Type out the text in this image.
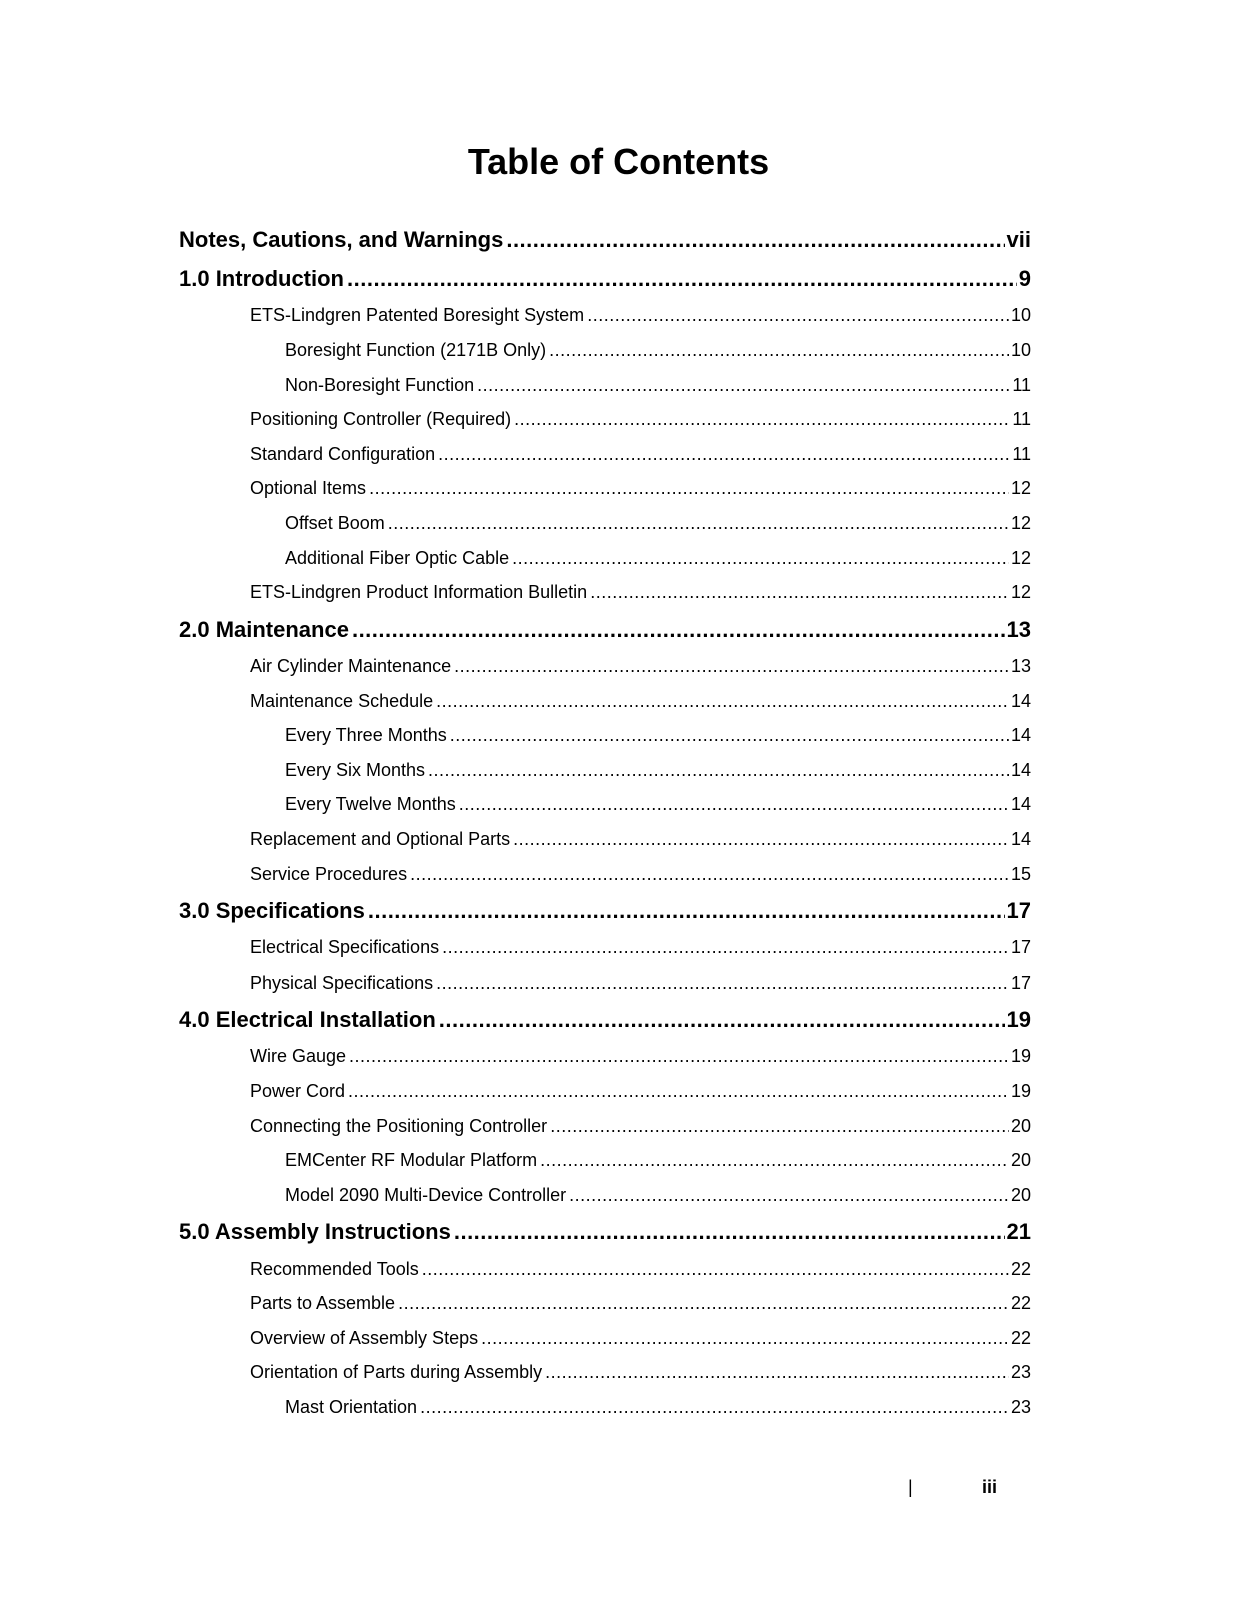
Table of Contents
Notes, Cautions, and Warnings .....	vii
1.0 Introduction .....	9
ETS-Lindgren Patented Boresight System .....	10
Boresight Function (2171B Only) .....	10
Non-Boresight Function .....	11
Positioning Controller (Required) .....	11
Standard Configuration .....	11
Optional Items .....	12
Offset Boom .....	12
Additional Fiber Optic Cable .....	12
ETS-Lindgren Product Information Bulletin .....	12
2.0 Maintenance .....	13
Air Cylinder Maintenance .....	13
Maintenance Schedule .....	14
Every Three Months .....	14
Every Six Months .....	14
Every Twelve Months .....	14
Replacement and Optional Parts .....	14
Service Procedures .....	15
3.0 Specifications .....	17
Electrical Specifications .....	17
Physical Specifications .....	17
4.0 Electrical Installation .....	19
Wire Gauge .....	19
Power Cord .....	19
Connecting the Positioning Controller .....	20
EMCenter RF Modular Platform .....	20
Model 2090 Multi-Device Controller .....	20
5.0 Assembly Instructions .....	21
Recommended Tools .....	22
Parts to Assemble .....	22
Overview of Assembly Steps .....	22
Orientation of Parts during Assembly .....	23
Mast Orientation .....	23
|	iii
